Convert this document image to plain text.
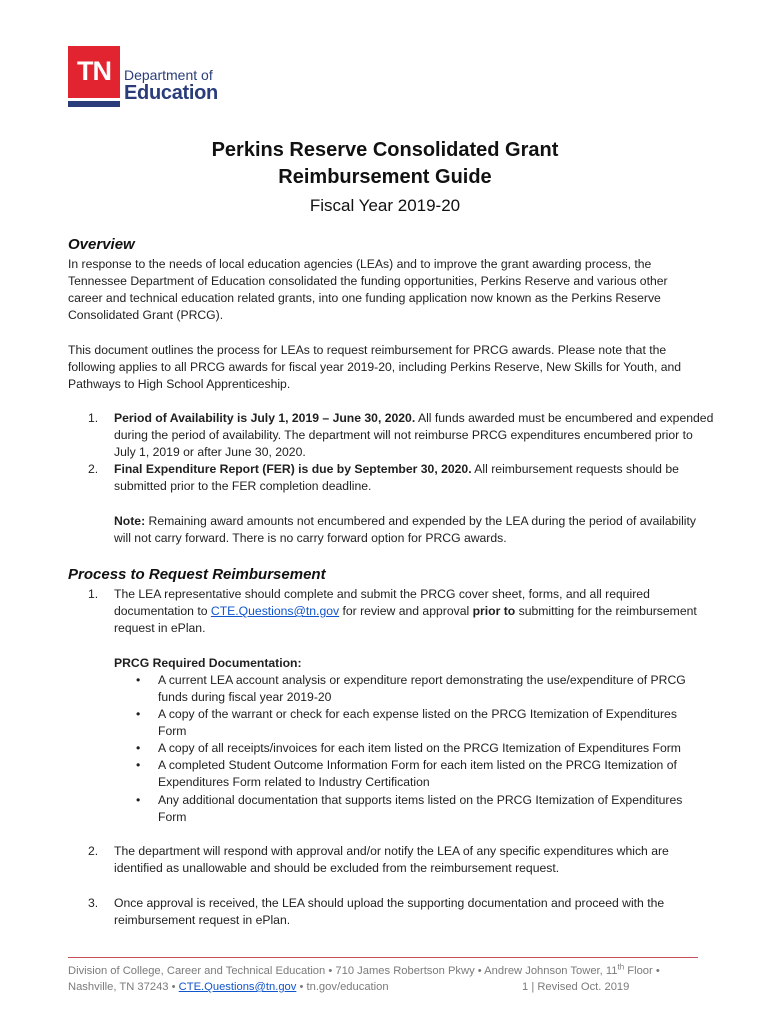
TN Department of
Education
Perkins Reserve Consolidated Grant
Reimbursement Guide
Fiscal Year 2019-20
Overview
In response to the needs of local education agencies (LEAs) and to improve the grant awarding process, the Tennessee Department of Education consolidated the funding opportunities, Perkins Reserve and various other career and technical education related grants, into one funding application now known as the Perkins Reserve Consolidated Grant (PRCG).
This document outlines the process for LEAs to request reimbursement for PRCG awards. Please note that the following applies to all PRCG awards for fiscal year 2019-20, including Perkins Reserve, New Skills for Youth, and Pathways to High School Apprenticeship.
1. Period of Availability is July 1, 2019 – June 30, 2020. All funds awarded must be encumbered and expended during the period of availability. The department will not reimburse PRCG expenditures encumbered prior to July 1, 2019 or after June 30, 2020.
2. Final Expenditure Report (FER) is due by September 30, 2020. All reimbursement requests should be submitted prior to the FER completion deadline.
Note: Remaining award amounts not encumbered and expended by the LEA during the period of availability will not carry forward. There is no carry forward option for PRCG awards.
Process to Request Reimbursement
1. The LEA representative should complete and submit the PRCG cover sheet, forms, and all required documentation to CTE.Questions@tn.gov for review and approval prior to submitting for the reimbursement request in ePlan.
PRCG Required Documentation:
• A current LEA account analysis or expenditure report demonstrating the use/expenditure of PRCG funds during fiscal year 2019-20
• A copy of the warrant or check for each expense listed on the PRCG Itemization of Expenditures Form
• A copy of all receipts/invoices for each item listed on the PRCG Itemization of Expenditures Form
• A completed Student Outcome Information Form for each item listed on the PRCG Itemization of Expenditures Form related to Industry Certification
• Any additional documentation that supports items listed on the PRCG Itemization of Expenditures Form
2. The department will respond with approval and/or notify the LEA of any specific expenditures which are identified as unallowable and should be excluded from the reimbursement request.
3. Once approval is received, the LEA should upload the supporting documentation and proceed with the reimbursement request in ePlan.
Division of College, Career and Technical Education • 710 James Robertson Pkwy • Andrew Johnson Tower, 11th Floor •
Nashville, TN 37243 • CTE.Questions@tn.gov • tn.gov/education	1 | Revised Oct. 2019
